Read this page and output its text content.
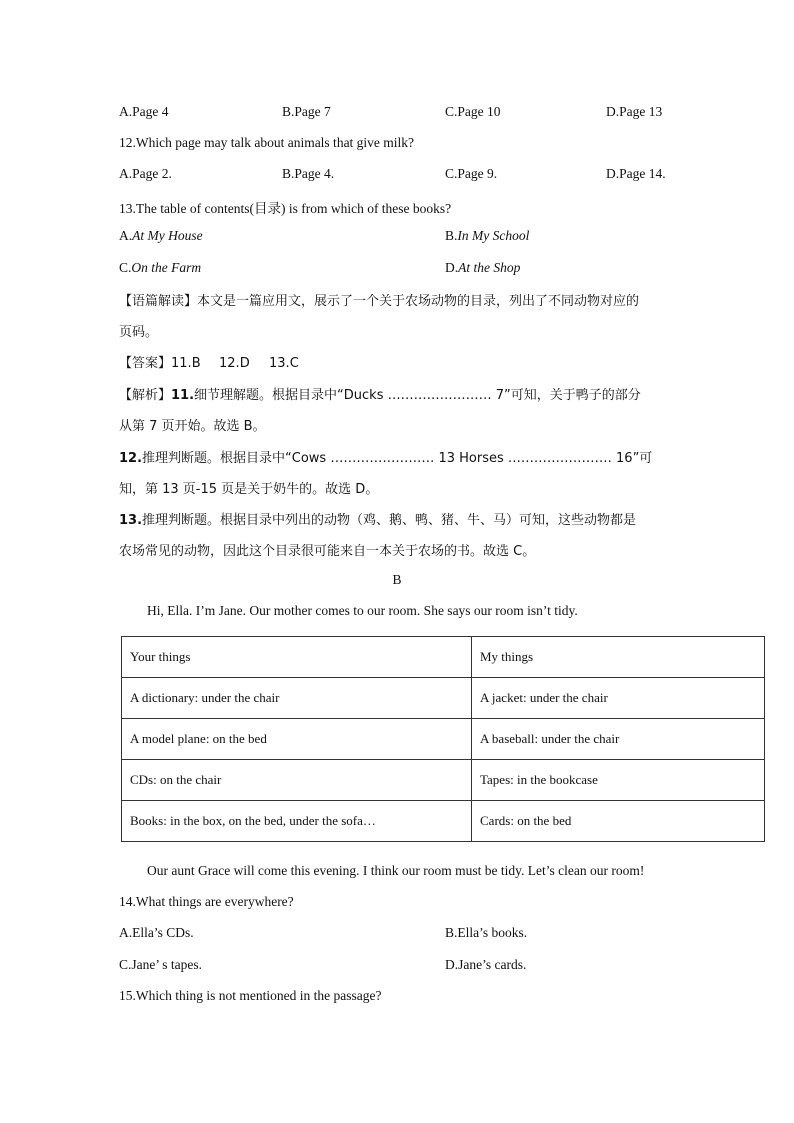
A.Page 4	B.Page 7	C.Page 10	D.Page 13
12.Which page may talk about animals that give milk?
A.Page 2.	B.Page 4.	C.Page 9.	D.Page 14.
13.The table of contents(目录) is from which of these books?
A.At My House	B.In My School
C.On the Farm	D.At the Shop
【语篇解读】本文是一篇应用文，展示了一个关于农场动物的目录，列出了不同动物对应的
页码。
【答案】11.B 12.D 13.C
【解析】11.细节理解题。根据目录中“Ducks …………………… 7”可知，关于鸭子的部分
从第 7 页开始。故选 B。
12.推理判断题。根据目录中“Cows …………………… 13 Horses …………………… 16”可
知，第 13 页-15 页是关于奶牛的。故选 D。
13.推理判断题。根据目录中列出的动物（鸡、鹅、鸭、猪、牛、马）可知，这些动物都是
农场常见的动物，因此这个目录很可能来自一本关于农场的书。故选 C。
B
Hi, Ella. I’m Jane. Our mother comes to our room. She says our room isn’t tidy.
Your things	My things
A dictionary: under the chair	A jacket: under the chair
A model plane: on the bed	A baseball: under the chair
CDs: on the chair	Tapes: in the bookcase
Books: in the box, on the bed, under the sofa…	Cards: on the bed
Our aunt Grace will come this evening. I think our room must be tidy. Let’s clean our room!
14.What things are everywhere?
A.Ella’s CDs.	B.Ella’s books.
C.Jane’ s tapes.	D.Jane’s cards.
15.Which thing is not mentioned in the passage?
